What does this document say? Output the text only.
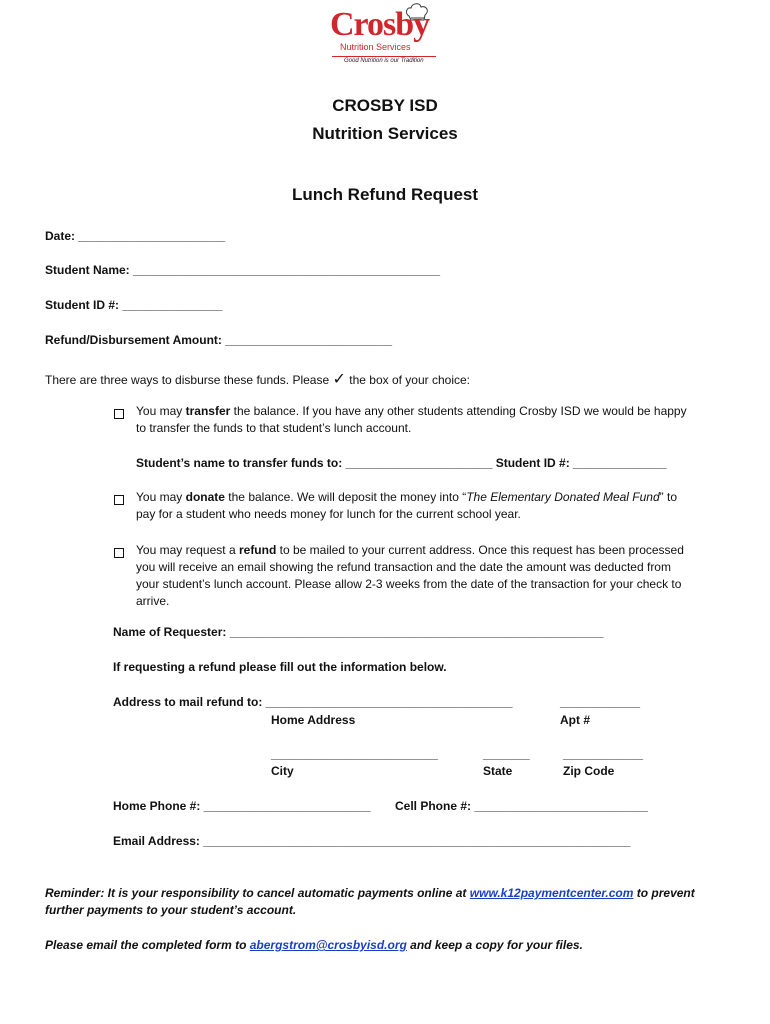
Crosby
Nutrition Services
Good Nutrition is our Tradition
CROSBY ISD
Nutrition Services
Lunch Refund Request
Date: ______________________
Student Name: ______________________________________________
Student ID #: _______________
Refund/Disbursement Amount: _________________________
There are three ways to disburse these funds. Please ✓ the box of your choice:
You may transfer the balance. If you have any other students attending Crosby ISD we would be happy
to transfer the funds to that student’s lunch account.
Student’s name to transfer funds to: ______________________ Student ID #: ______________
You may donate the balance. We will deposit the money into “The Elementary Donated Meal Fund” to
pay for a student who needs money for lunch for the current school year.
You may request a refund to be mailed to your current address. Once this request has been processed
you will receive an email showing the refund transaction and the date the amount was deducted from
your student’s lunch account. Please allow 2-3 weeks from the date of the transaction for your check to
arrive.
Name of Requester: ________________________________________________________
If requesting a refund please fill out the information below.
Address to mail refund to: _____________________________________	____________
Home Address	Apt #
_________________________	_______	____________
City	State	Zip Code
Home Phone #: _________________________ Cell Phone #: __________________________
Email Address: ________________________________________________________________
Reminder: It is your responsibility to cancel automatic payments online at www.k12paymentcenter.com to prevent
further payments to your student’s account.
Please email the completed form to abergstrom@crosbyisd.org and keep a copy for your files.
